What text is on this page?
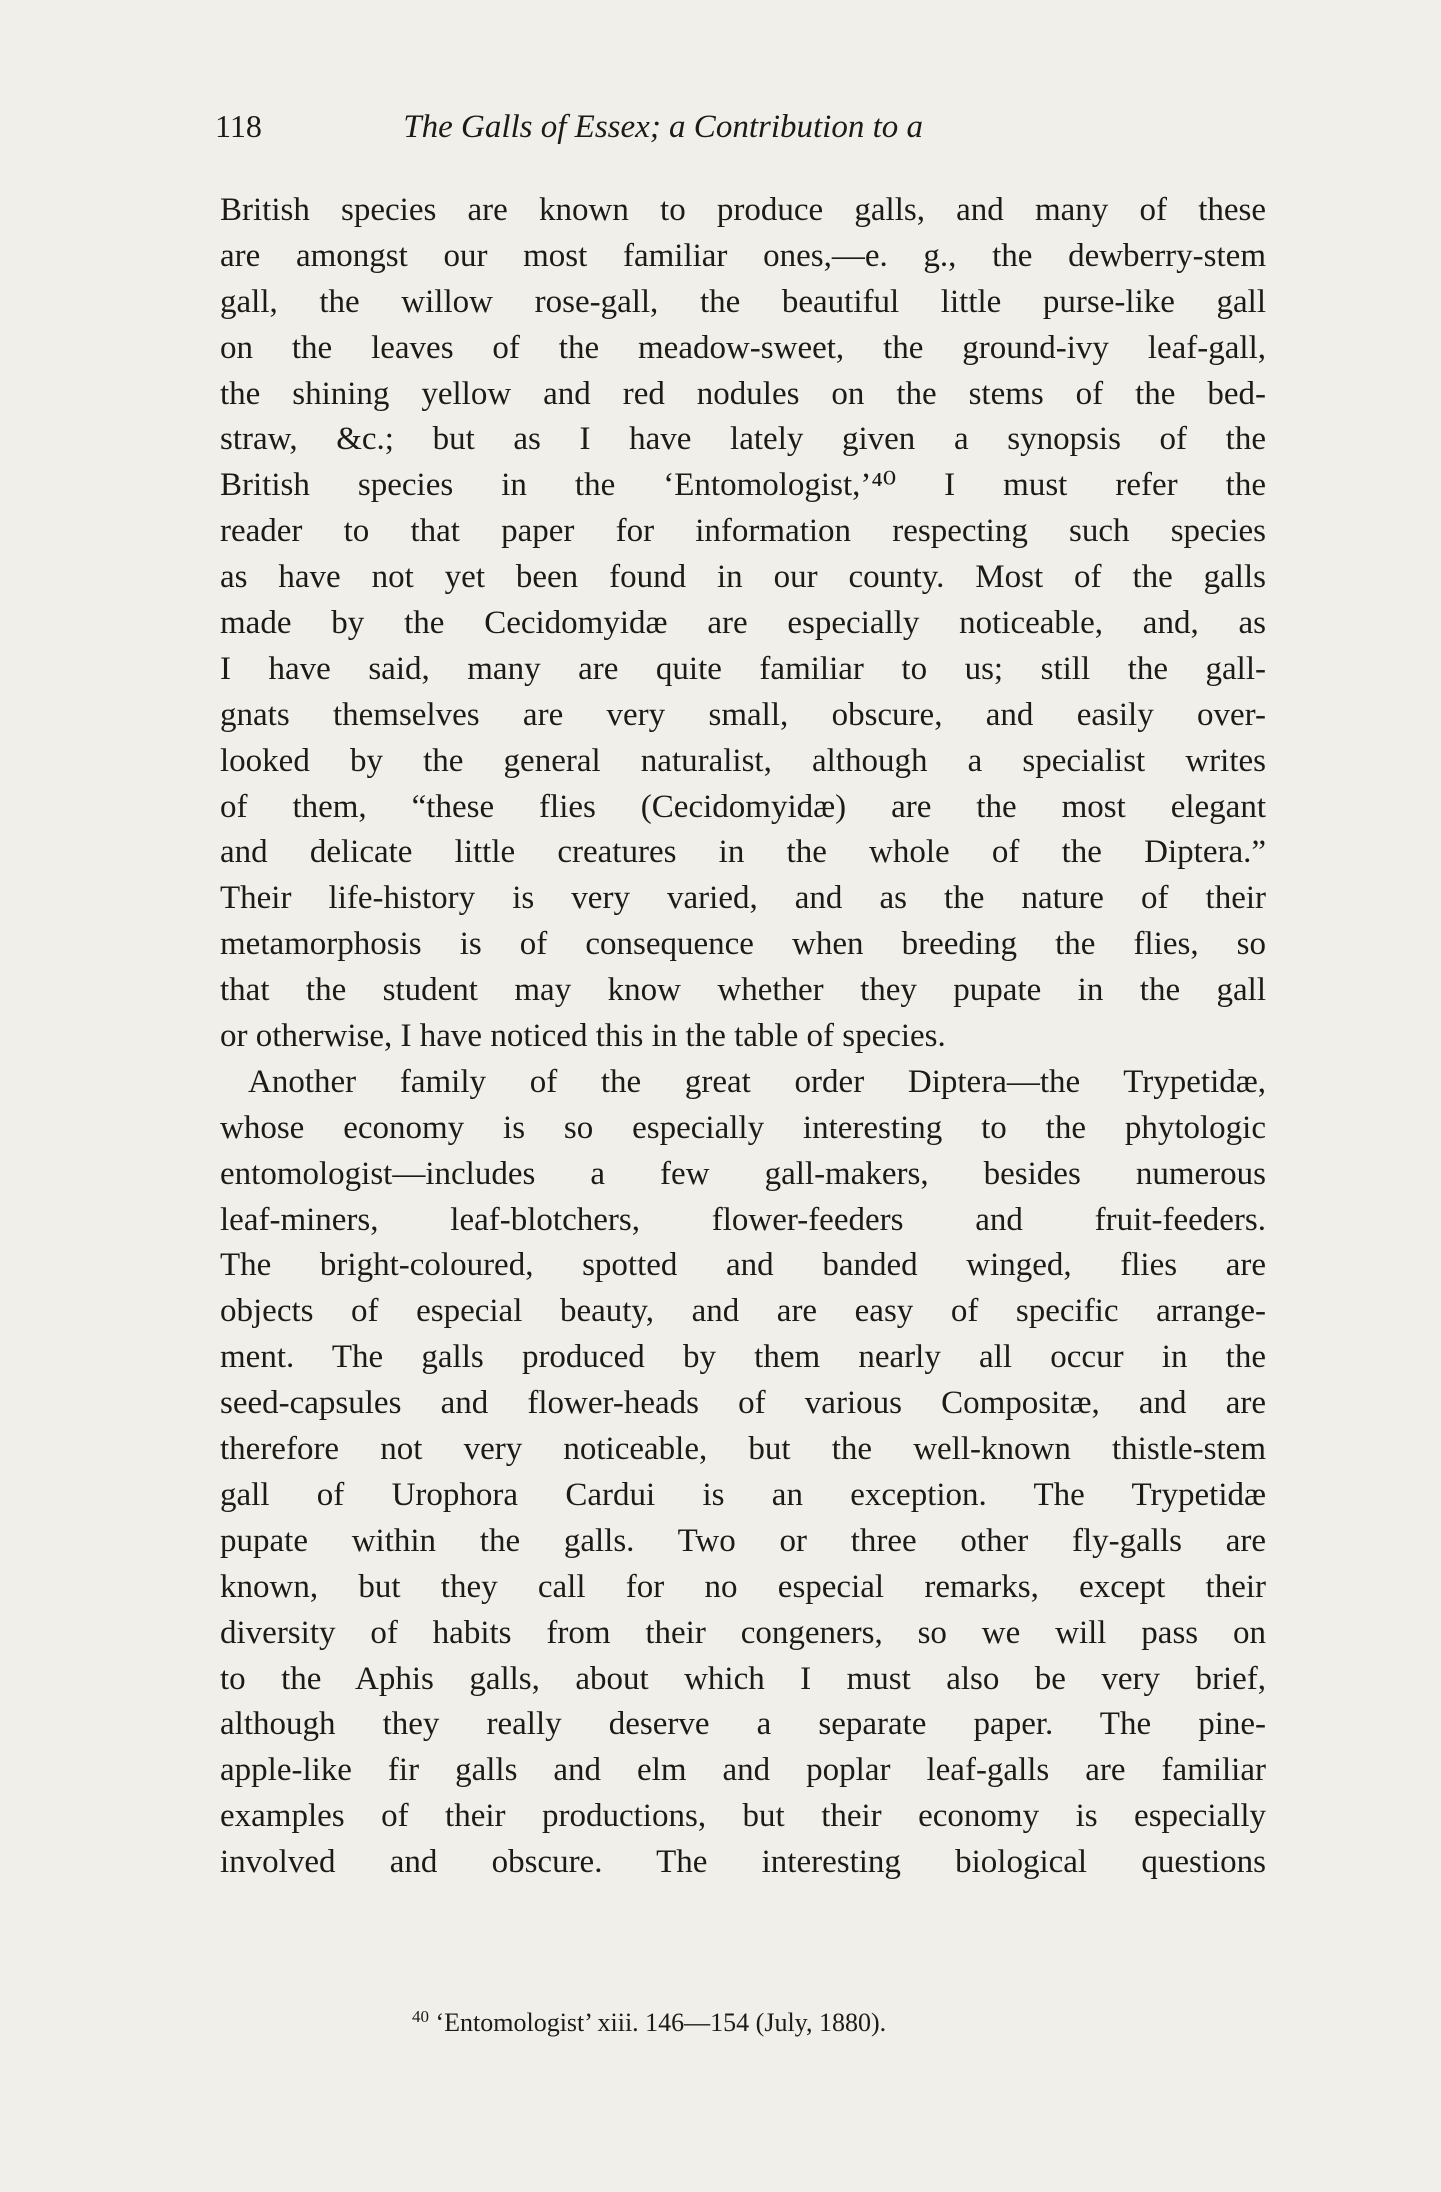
118	The Galls of Essex; a Contribution to a
British species are known to produce galls, and many of these
are amongst our most familiar ones,—e. g., the dewberry-stem
gall, the willow rose-gall, the beautiful little purse-like gall
on the leaves of the meadow-sweet, the ground-ivy leaf-gall,
the shining yellow and red nodules on the stems of the bed-
straw, &c.; but as I have lately given a synopsis of the
British species in the ‘Entomologist,’⁴⁰ I must refer the
reader to that paper for information respecting such species
as have not yet been found in our county. Most of the galls
made by the Cecidomyidæ are especially noticeable, and, as
I have said, many are quite familiar to us; still the gall-
gnats themselves are very small, obscure, and easily over-
looked by the general naturalist, although a specialist writes
of them, “these flies (Cecidomyidæ) are the most elegant
and delicate little creatures in the whole of the Diptera.”
Their life-history is very varied, and as the nature of their
metamorphosis is of consequence when breeding the flies, so
that the student may know whether they pupate in the gall
or otherwise, I have noticed this in the table of species.
Another family of the great order Diptera—the Trypetidæ,
whose economy is so especially interesting to the phytologic
entomologist—includes a few gall-makers, besides numerous
leaf-miners, leaf-blotchers, flower-feeders and fruit-feeders.
The bright-coloured, spotted and banded winged, flies are
objects of especial beauty, and are easy of specific arrange-
ment. The galls produced by them nearly all occur in the
seed-capsules and flower-heads of various Compositæ, and are
therefore not very noticeable, but the well-known thistle-stem
gall of Urophora Cardui is an exception. The Trypetidæ
pupate within the galls. Two or three other fly-galls are
known, but they call for no especial remarks, except their
diversity of habits from their congeners, so we will pass on
to the Aphis galls, about which I must also be very brief,
although they really deserve a separate paper. The pine-
apple-like fir galls and elm and poplar leaf-galls are familiar
examples of their productions, but their economy is especially
involved and obscure. The interesting biological questions
$^{40}$ ‘Entomologist’ xiii. 146—154 (July, 1880).
